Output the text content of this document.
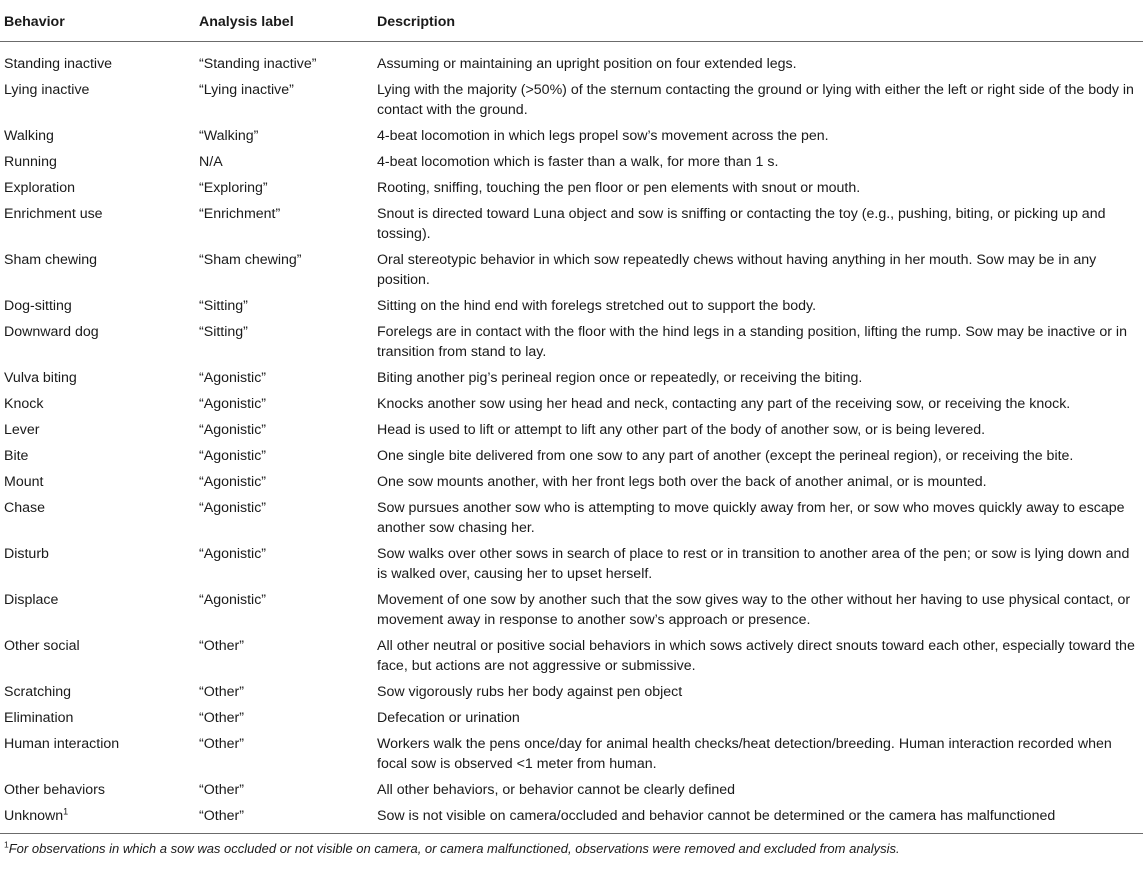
Behavior	Analysis label	Description
Standing inactive	“Standing inactive”	Assuming or maintaining an upright position on four extended legs.
Lying inactive	“Lying inactive”	Lying with the majority (>50%) of the sternum contacting the ground or lying with either the left or right side of the body in contact with the ground.
Walking	“Walking”	4-beat locomotion in which legs propel sow’s movement across the pen.
Running	N/A	4-beat locomotion which is faster than a walk, for more than 1 s.
Exploration	“Exploring”	Rooting, sniffing, touching the pen floor or pen elements with snout or mouth.
Enrichment use	“Enrichment”	Snout is directed toward Luna object and sow is sniffing or contacting the toy (e.g., pushing, biting, or picking up and tossing).
Sham chewing	“Sham chewing”	Oral stereotypic behavior in which sow repeatedly chews without having anything in her mouth. Sow may be in any position.
Dog-sitting	“Sitting”	Sitting on the hind end with forelegs stretched out to support the body.
Downward dog	“Sitting”	Forelegs are in contact with the floor with the hind legs in a standing position, lifting the rump. Sow may be inactive or in transition from stand to lay.
Vulva biting	“Agonistic”	Biting another pig’s perineal region once or repeatedly, or receiving the biting.
Knock	“Agonistic”	Knocks another sow using her head and neck, contacting any part of the receiving sow, or receiving the knock.
Lever	“Agonistic”	Head is used to lift or attempt to lift any other part of the body of another sow, or is being levered.
Bite	“Agonistic”	One single bite delivered from one sow to any part of another (except the perineal region), or receiving the bite.
Mount	“Agonistic”	One sow mounts another, with her front legs both over the back of another animal, or is mounted.
Chase	“Agonistic”	Sow pursues another sow who is attempting to move quickly away from her, or sow who moves quickly away to escape another sow chasing her.
Disturb	“Agonistic”	Sow walks over other sows in search of place to rest or in transition to another area of the pen; or sow is lying down and is walked over, causing her to upset herself.
Displace	“Agonistic”	Movement of one sow by another such that the sow gives way to the other without her having to use physical contact, or movement away in response to another sow’s approach or presence.
Other social	“Other”	All other neutral or positive social behaviors in which sows actively direct snouts toward each other, especially toward the face, but actions are not aggressive or submissive.
Scratching	“Other”	Sow vigorously rubs her body against pen object
Elimination	“Other”	Defecation or urination
Human interaction	“Other”	Workers walk the pens once/day for animal health checks/heat detection/breeding. Human interaction recorded when focal sow is observed <1 meter from human.
Other behaviors	“Other”	All other behaviors, or behavior cannot be clearly defined
Unknown$^1$	“Other”	Sow is not visible on camera/occluded and behavior cannot be determined or the camera has malfunctioned
$^1$For observations in which a sow was occluded or not visible on camera, or camera malfunctioned, observations were removed and excluded from analysis.
